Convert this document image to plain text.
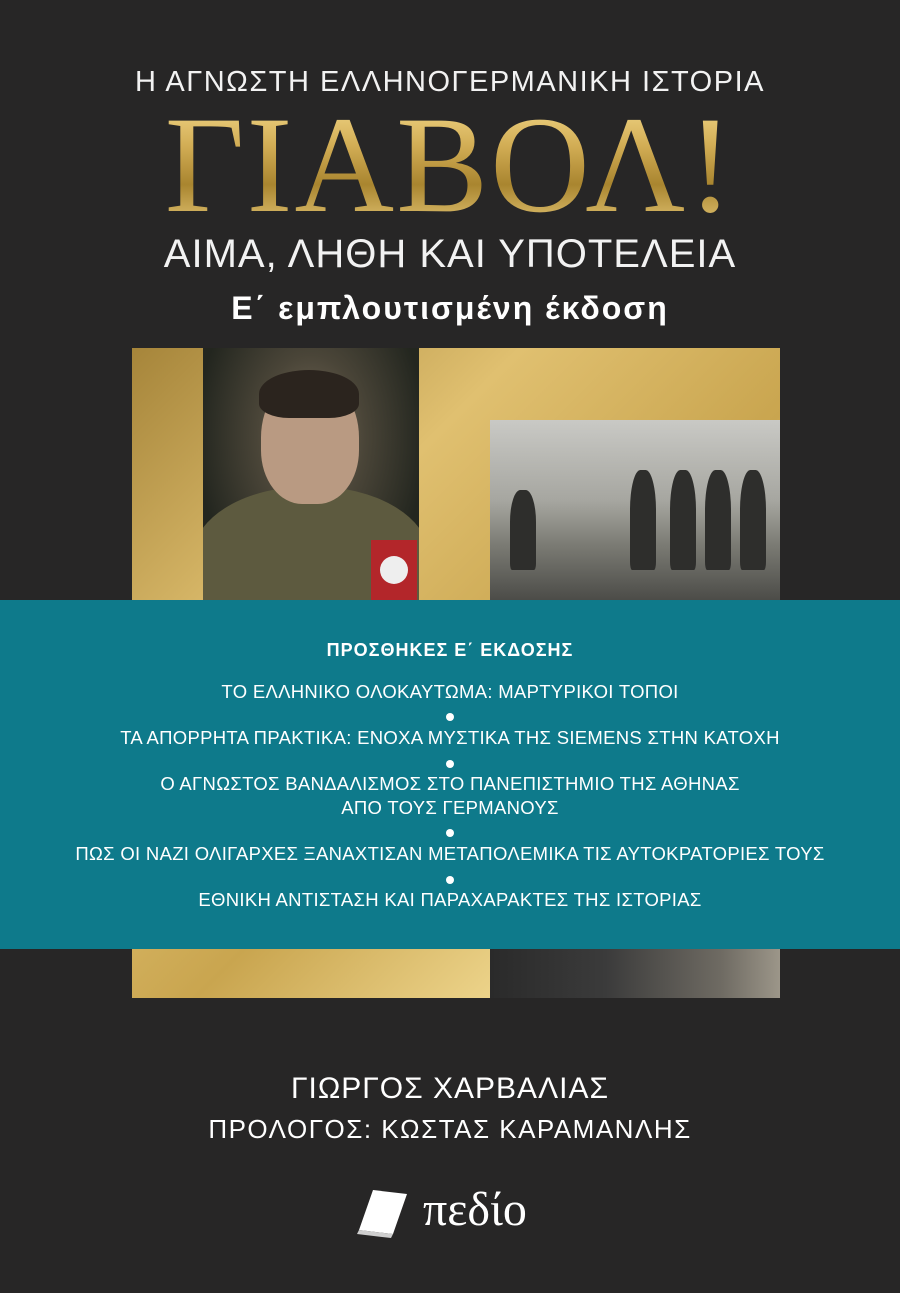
Η ΑΓΝΩΣΤΗ ΕΛΛΗΝΟΓΕΡΜΑΝΙΚΗ ΙΣΤΟΡΙΑ
ΓΙΑΒΟΛ!
ΑΙΜΑ, ΛΗΘΗ ΚΑΙ ΥΠΟΤΕΛΕΙΑ
Ε΄ εμπλουτισμένη έκδοση
ΠΡΟΣΘΗΚΕΣ Ε΄ ΕΚΔΟΣΗΣ
ΤΟ ΕΛΛΗΝΙΚΟ ΟΛΟΚΑΥΤΩΜΑ: ΜΑΡΤΥΡΙΚΟΙ ΤΟΠΟΙ
ΤΑ ΑΠΟΡΡΗΤΑ ΠΡΑΚΤΙΚΑ: ΕΝΟΧΑ ΜΥΣΤΙΚΑ ΤΗΣ SIEMENS ΣΤΗΝ ΚΑΤΟΧΗ
Ο ΑΓΝΩΣΤΟΣ ΒΑΝΔΑΛΙΣΜΟΣ ΣΤΟ ΠΑΝΕΠΙΣΤΗΜΙΟ ΤΗΣ ΑΘΗΝΑΣ
ΑΠΟ ΤΟΥΣ ΓΕΡΜΑΝΟΥΣ
ΠΩΣ ΟΙ ΝΑΖΙ ΟΛΙΓΑΡΧΕΣ ΞΑΝΑΧΤΙΣΑΝ ΜΕΤΑΠΟΛΕΜΙΚΑ ΤΙΣ ΑΥΤΟΚΡΑΤΟΡΙΕΣ ΤΟΥΣ
ΕΘΝΙΚΗ ΑΝΤΙΣΤΑΣΗ ΚΑΙ ΠΑΡΑΧΑΡΑΚΤΕΣ ΤΗΣ ΙΣΤΟΡΙΑΣ
ΓΙΩΡΓΟΣ ΧΑΡΒΑΛΙΑΣ
ΠΡΟΛΟΓΟΣ: ΚΩΣΤΑΣ ΚΑΡΑΜΑΝΛΗΣ
πεδίο
